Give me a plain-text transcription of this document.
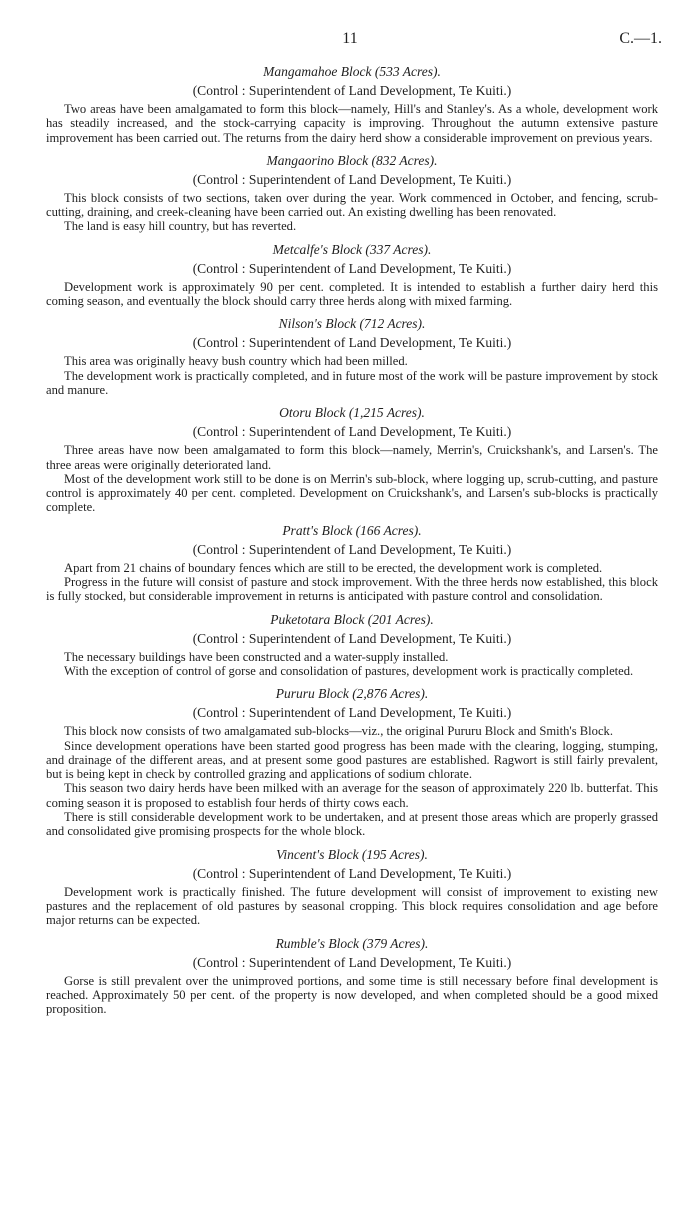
11	C.—1.
Mangamahoe Block (533 Acres).
(Control : Superintendent of Land Development, Te Kuiti.)

Two areas have been amalgamated to form this block—namely, Hill's and Stanley's. As a whole, development work has steadily increased, and the stock-carrying capacity is improving. Throughout the autumn extensive pasture improvement has been carried out. The returns from the dairy herd show a considerable improvement on previous years.

Mangaorino Block (832 Acres).
(Control : Superintendent of Land Development, Te Kuiti.)

This block consists of two sections, taken over during the year. Work commenced in October, and fencing, scrub-cutting, draining, and creek-cleaning have been carried out. An existing dwelling has been renovated.

The land is easy hill country, but has reverted.

Metcalfe's Block (337 Acres).
(Control : Superintendent of Land Development, Te Kuiti.)

Development work is approximately 90 per cent. completed. It is intended to establish a further dairy herd this coming season, and eventually the block should carry three herds along with mixed farming.

Nilson's Block (712 Acres).
(Control : Superintendent of Land Development, Te Kuiti.)

This area was originally heavy bush country which had been milled.

The development work is practically completed, and in future most of the work will be pasture improvement by stock and manure.

Otoru Block (1,215 Acres).
(Control : Superintendent of Land Development, Te Kuiti.)

Three areas have now been amalgamated to form this block—namely, Merrin's, Cruickshank's, and Larsen's. The three areas were originally deteriorated land.

Most of the development work still to be done is on Merrin's sub-block, where logging up, scrub-cutting, and pasture control is approximately 40 per cent. completed. Development on Cruickshank's, and Larsen's sub-blocks is practically complete.

Pratt's Block (166 Acres).
(Control : Superintendent of Land Development, Te Kuiti.)

Apart from 21 chains of boundary fences which are still to be erected, the development work is completed.

Progress in the future will consist of pasture and stock improvement. With the three herds now established, this block is fully stocked, but considerable improvement in returns is anticipated with pasture control and consolidation.

Puketotara Block (201 Acres).
(Control : Superintendent of Land Development, Te Kuiti.)

The necessary buildings have been constructed and a water-supply installed.

With the exception of control of gorse and consolidation of pastures, development work is practically completed.

Pururu Block (2,876 Acres).
(Control : Superintendent of Land Development, Te Kuiti.)

This block now consists of two amalgamated sub-blocks—viz., the original Pururu Block and Smith's Block.

Since development operations have been started good progress has been made with the clearing, logging, stumping, and drainage of the different areas, and at present some good pastures are established. Ragwort is still fairly prevalent, but is being kept in check by controlled grazing and applications of sodium chlorate.

This season two dairy herds have been milked with an average for the season of approximately 220 lb. butterfat. This coming season it is proposed to establish four herds of thirty cows each.

There is still considerable development work to be undertaken, and at present those areas which are properly grassed and consolidated give promising prospects for the whole block.

Vincent's Block (195 Acres).
(Control : Superintendent of Land Development, Te Kuiti.)

Development work is practically finished. The future development will consist of improvement to existing new pastures and the replacement of old pastures by seasonal cropping. This block requires consolidation and age before major returns can be expected.

Rumble's Block (379 Acres).
(Control : Superintendent of Land Development, Te Kuiti.)

Gorse is still prevalent over the unimproved portions, and some time is still necessary before final development is reached. Approximately 50 per cent. of the property is now developed, and when completed should be a good mixed proposition.
